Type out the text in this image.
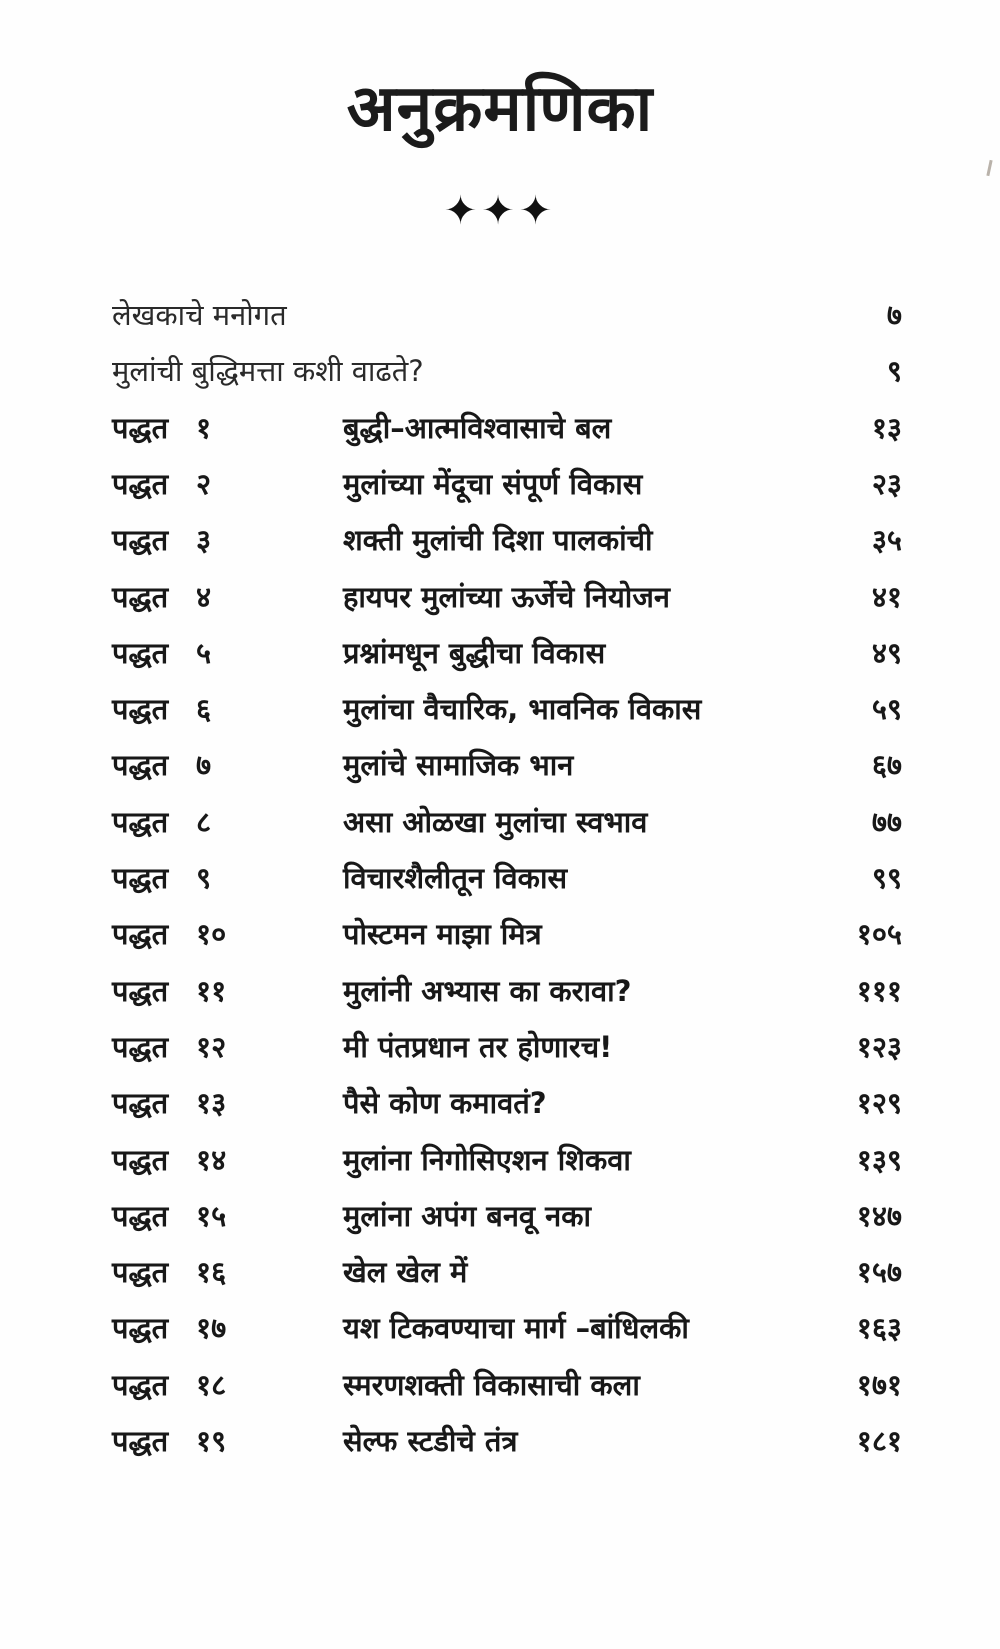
अनुक्रमणिका
✦✦✦
लेखकाचे मनोगत	७
मुलांची बुद्धिमत्ता कशी वाढते?	९
पद्धत १	बुद्धी–आत्मविश्वासाचे बल	१३
पद्धत २	मुलांच्या मेंदूचा संपूर्ण विकास	२३
पद्धत ३	शक्ती मुलांची दिशा पालकांची	३५
पद्धत ४	हायपर मुलांच्या ऊर्जेचे नियोजन	४१
पद्धत ५	प्रश्नांमधून बुद्धीचा विकास	४९
पद्धत ६	मुलांचा वैचारिक, भावनिक विकास	५९
पद्धत ७	मुलांचे सामाजिक भान	६७
पद्धत ८	असा ओळखा मुलांचा स्वभाव	७७
पद्धत ९	विचारशैलीतून विकास	९९
पद्धत १०	पोस्टमन माझा मित्र	१०५
पद्धत ११	मुलांनी अभ्यास का करावा?	१११
पद्धत १२	मी पंतप्रधान तर होणारच!	१२३
पद्धत १३	पैसे कोण कमावतं?	१२९
पद्धत १४	मुलांना निगोसिएशन शिकवा	१३९
पद्धत १५	मुलांना अपंग बनवू नका	१४७
पद्धत १६	खेल खेल में	१५७
पद्धत १७	यश टिकवण्याचा मार्ग –बांधिलकी	१६३
पद्धत १८	स्मरणशक्ती विकासाची कला	१७१
पद्धत १९	सेल्फ स्टडीचे तंत्र	१८१
